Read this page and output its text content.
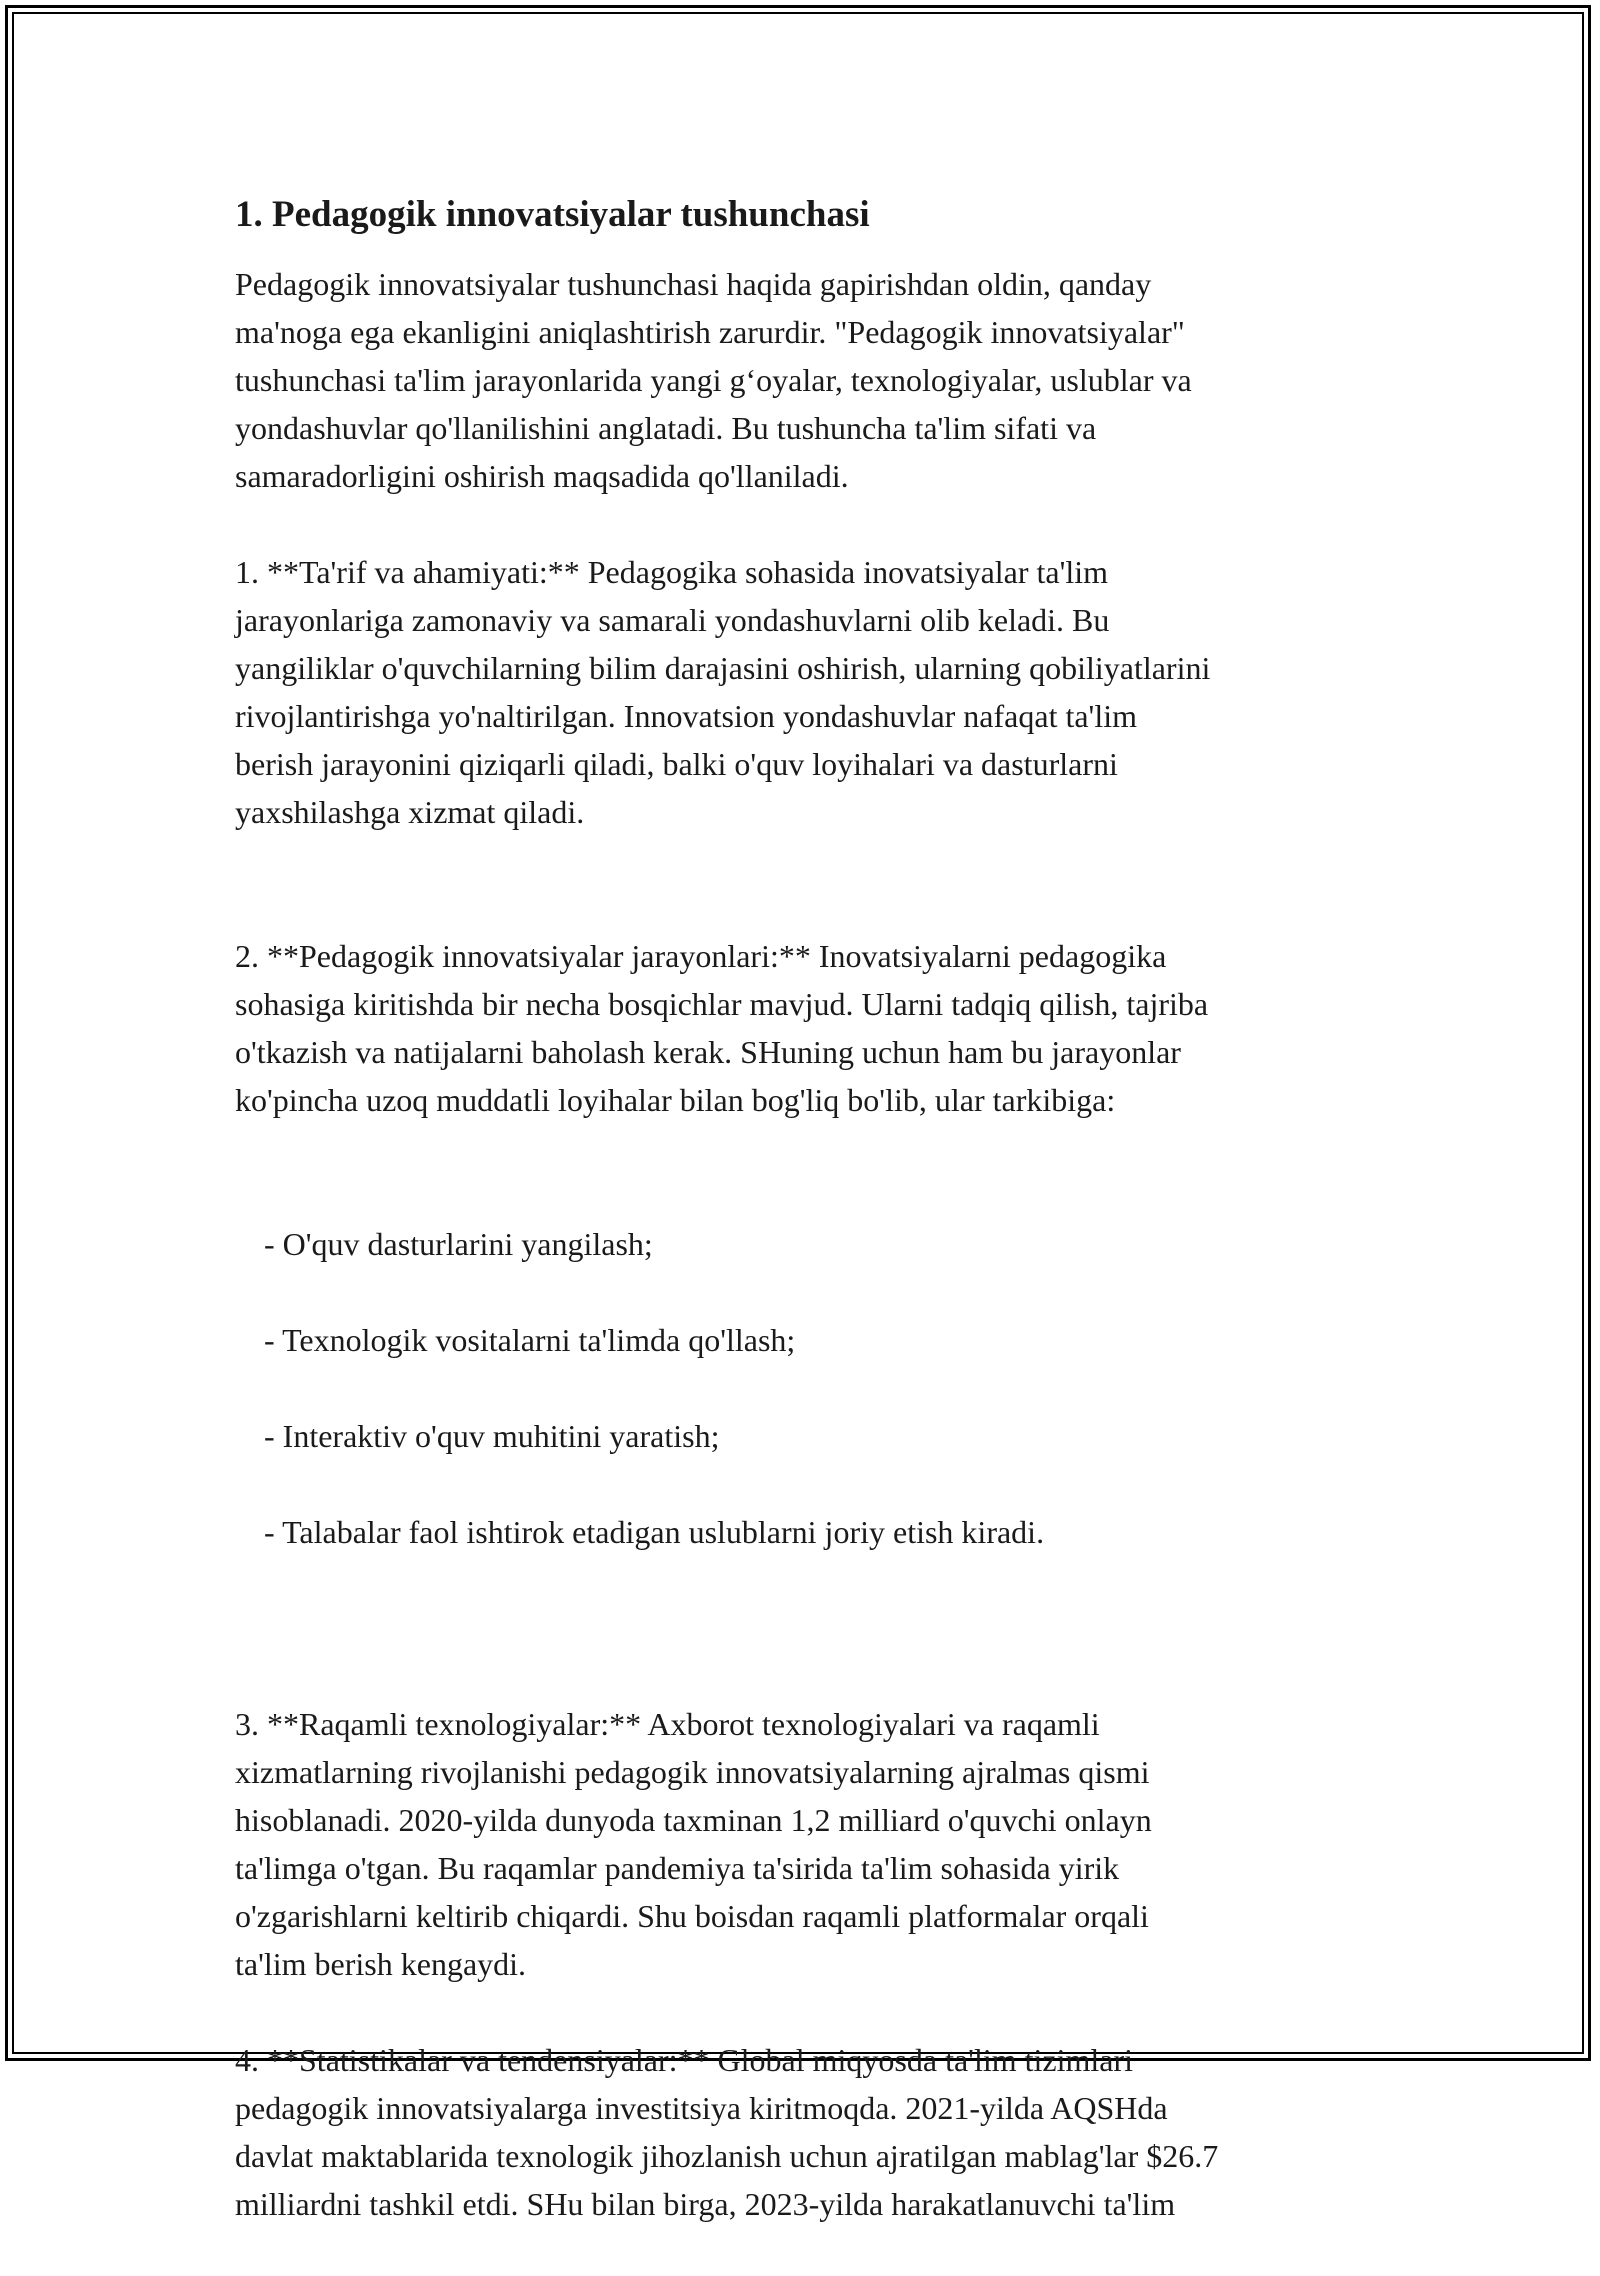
1. Pedagogik innovatsiyalar tushunchasi

Pedagogik innovatsiyalar tushunchasi haqida gapirishdan oldin, qanday
ma'noga ega ekanligini aniqlashtirish zarurdir. "Pedagogik innovatsiyalar"
tushunchasi ta'lim jarayonlarida yangi g‘oyalar, texnologiyalar, uslublar va
yondashuvlar qo'llanilishini anglatadi. Bu tushuncha ta'lim sifati va
samaradorligini oshirish maqsadida qo'llaniladi.

1. **Ta'rif va ahamiyati:** Pedagogika sohasida inovatsiyalar ta'lim
jarayonlariga zamonaviy va samarali yondashuvlarni olib keladi. Bu
yangiliklar o'quvchilarning bilim darajasini oshirish, ularning qobiliyatlarini
rivojlantirishga yo'naltirilgan. Innovatsion yondashuvlar nafaqat ta'lim
berish jarayonini qiziqarli qiladi, balki o'quv loyihalari va dasturlarni
yaxshilashga xizmat qiladi.

2. **Pedagogik innovatsiyalar jarayonlari:** Inovatsiyalarni pedagogika
sohasiga kiritishda bir necha bosqichlar mavjud. Ularni tadqiq qilish, tajriba
o'tkazish va natijalarni baholash kerak. SHuning uchun ham bu jarayonlar
ko'pincha uzoq muddatli loyihalar bilan bog'liq bo'lib, ular tarkibiga:

- O'quv dasturlarini yangilash;

- Texnologik vositalarni ta'limda qo'llash;

- Interaktiv o'quv muhitini yaratish;

- Talabalar faol ishtirok etadigan uslublarni joriy etish kiradi.

3. **Raqamli texnologiyalar:** Axborot texnologiyalari va raqamli
xizmatlarning rivojlanishi pedagogik innovatsiyalarning ajralmas qismi
hisoblanadi. 2020-yilda dunyoda taxminan 1,2 milliard o'quvchi onlayn
ta'limga o'tgan. Bu raqamlar pandemiya ta'sirida ta'lim sohasida yirik
o'zgarishlarni keltirib chiqardi. Shu boisdan raqamli platformalar orqali
ta'lim berish kengaydi.

4. **Statistikalar va tendensiyalar:** Global miqyosda ta'lim tizimlari
pedagogik innovatsiyalarga investitsiya kiritmoqda. 2021-yilda AQSHda
davlat maktablarida texnologik jihozlanish uchun ajratilgan mablag'lar $26.7
milliardni tashkil etdi. SHu bilan birga, 2023-yilda harakatlanuvchi ta'lim
